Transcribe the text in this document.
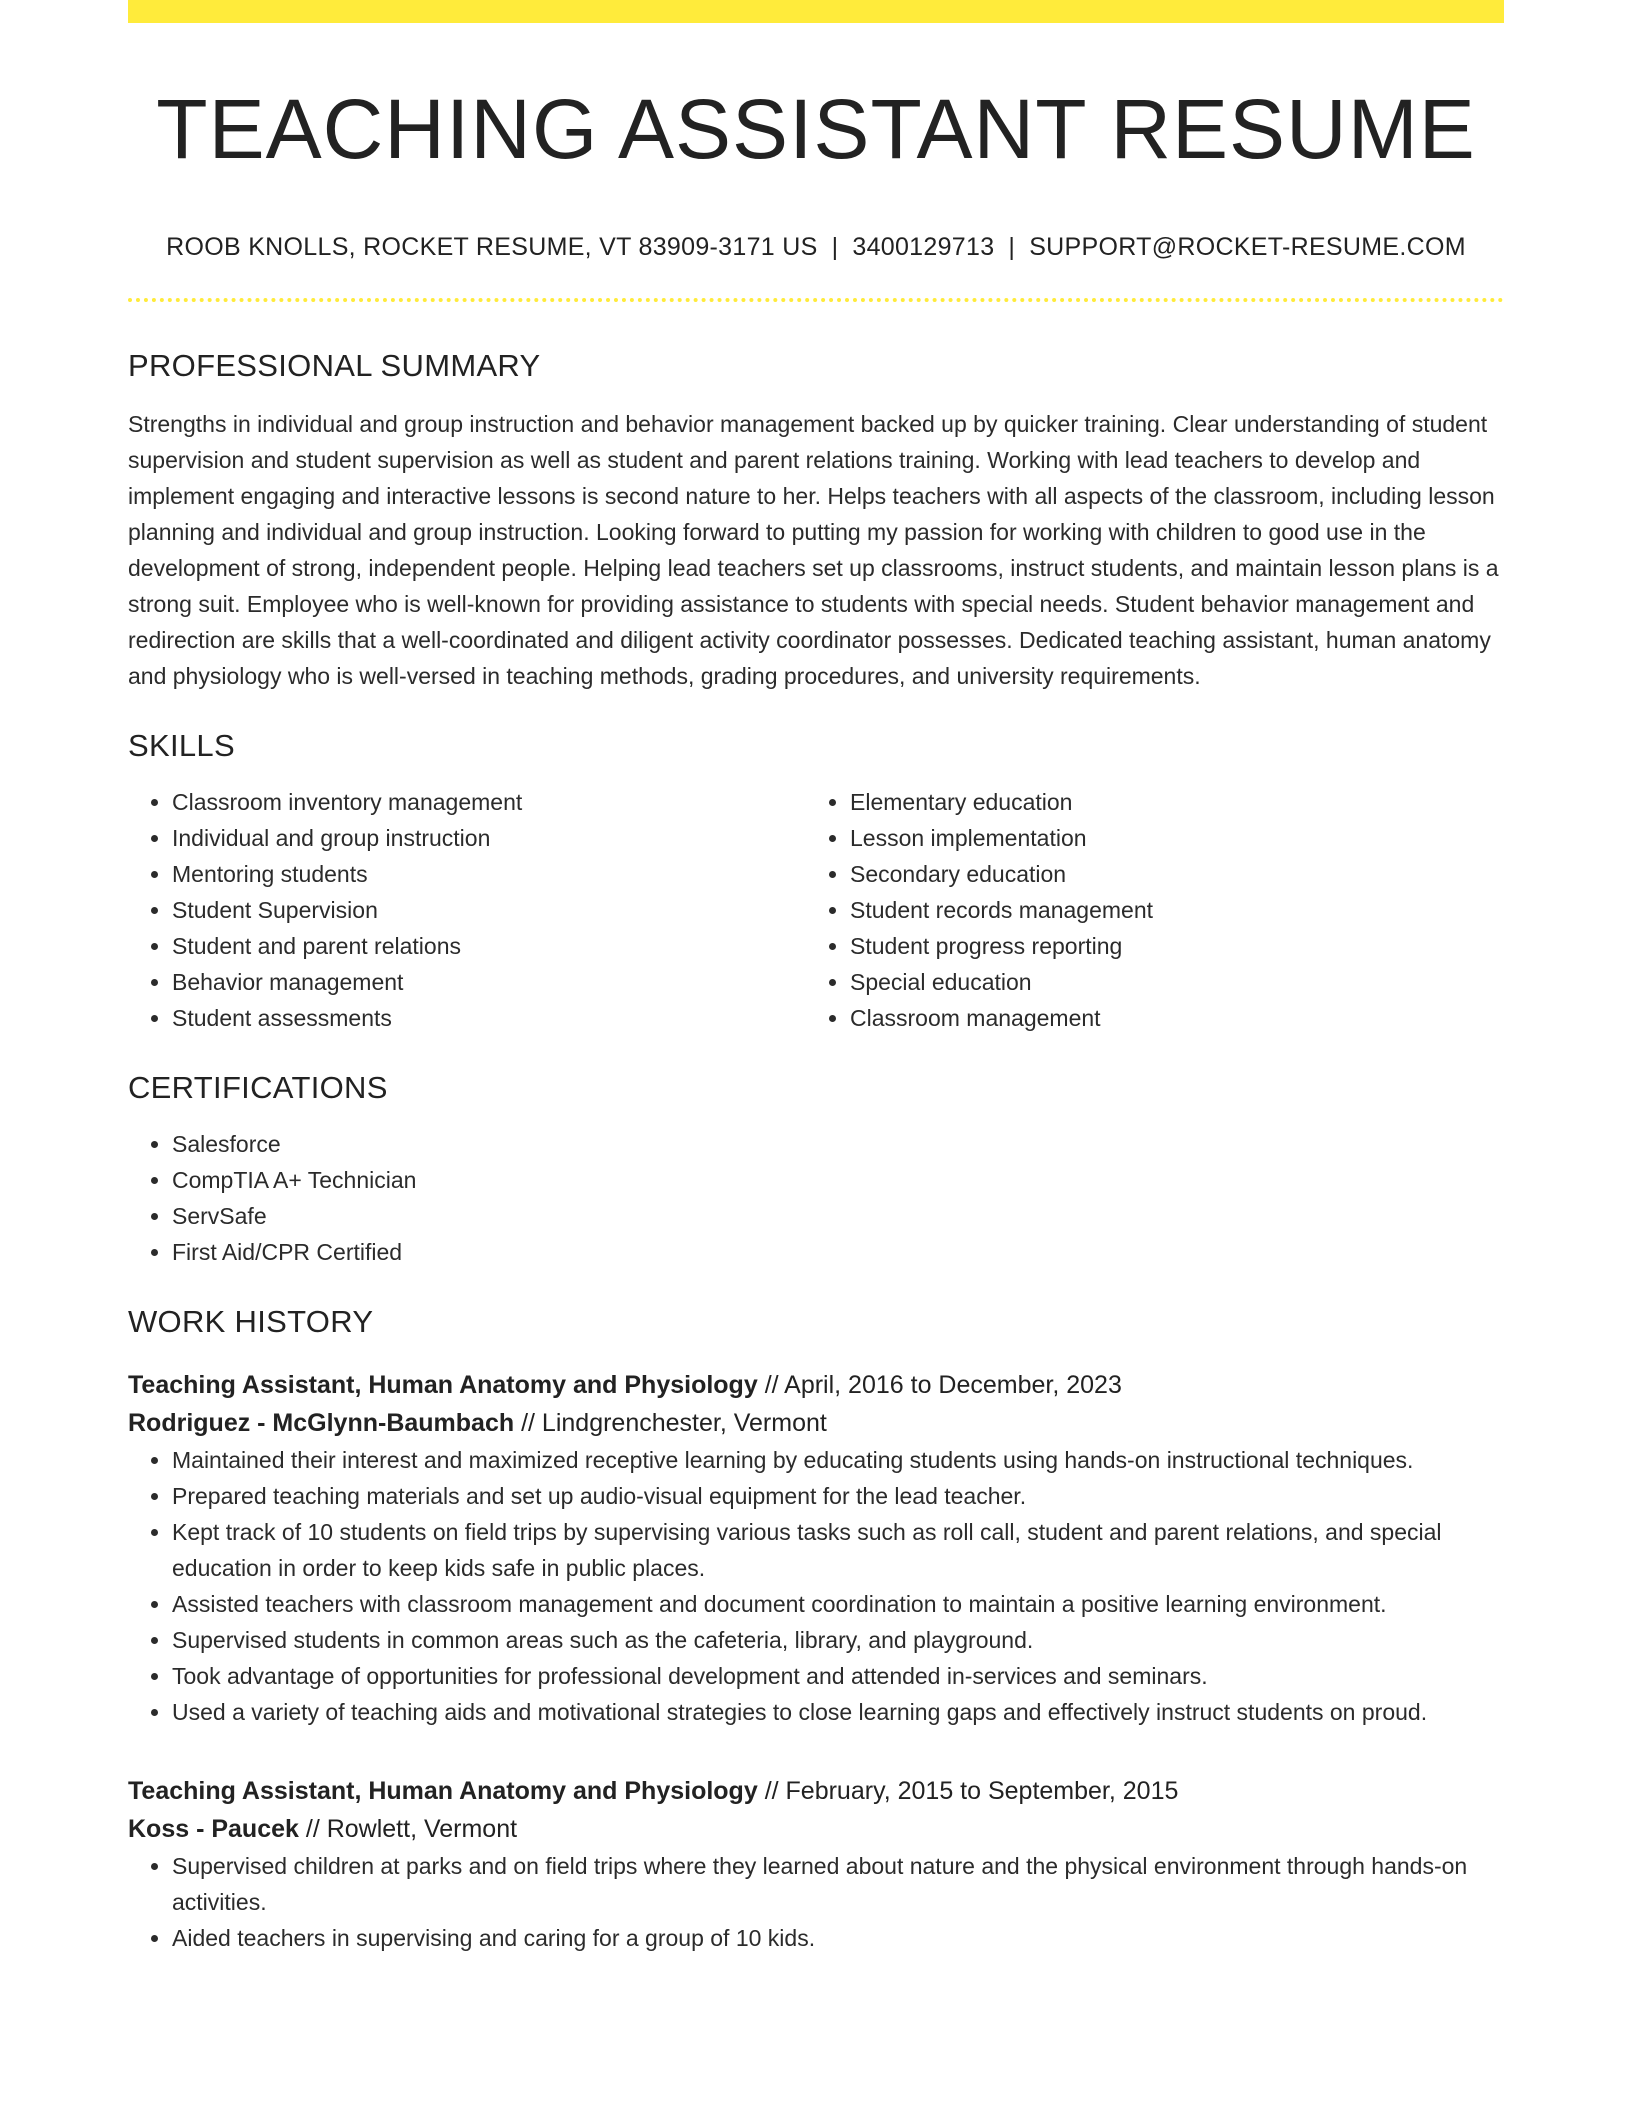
TEACHING ASSISTANT RESUME
ROOB KNOLLS, ROCKET RESUME, VT 83909-3171 US | 3400129713 | SUPPORT@ROCKET-RESUME.COM
PROFESSIONAL SUMMARY
Strengths in individual and group instruction and behavior management backed up by quicker training. Clear understanding of student supervision and student supervision as well as student and parent relations training. Working with lead teachers to develop and implement engaging and interactive lessons is second nature to her. Helps teachers with all aspects of the classroom, including lesson planning and individual and group instruction. Looking forward to putting my passion for working with children to good use in the development of strong, independent people. Helping lead teachers set up classrooms, instruct students, and maintain lesson plans is a strong suit. Employee who is well-known for providing assistance to students with special needs. Student behavior management and redirection are skills that a well-coordinated and diligent activity coordinator possesses. Dedicated teaching assistant, human anatomy and physiology who is well-versed in teaching methods, grading procedures, and university requirements.
SKILLS
• Classroom inventory management
• Individual and group instruction
• Mentoring students
• Student Supervision
• Student and parent relations
• Behavior management
• Student assessments
• Elementary education
• Lesson implementation
• Secondary education
• Student records management
• Student progress reporting
• Special education
• Classroom management
CERTIFICATIONS
• Salesforce
• CompTIA A+ Technician
• ServSafe
• First Aid/CPR Certified
WORK HISTORY
Teaching Assistant, Human Anatomy and Physiology // April, 2016 to December, 2023
Rodriguez - McGlynn-Baumbach // Lindgrenchester, Vermont
• Maintained their interest and maximized receptive learning by educating students using hands-on instructional techniques.
• Prepared teaching materials and set up audio-visual equipment for the lead teacher.
• Kept track of 10 students on field trips by supervising various tasks such as roll call, student and parent relations, and special education in order to keep kids safe in public places.
• Assisted teachers with classroom management and document coordination to maintain a positive learning environment.
• Supervised students in common areas such as the cafeteria, library, and playground.
• Took advantage of opportunities for professional development and attended in-services and seminars.
• Used a variety of teaching aids and motivational strategies to close learning gaps and effectively instruct students on proud.
Teaching Assistant, Human Anatomy and Physiology // February, 2015 to September, 2015
Koss - Paucek // Rowlett, Vermont
• Supervised children at parks and on field trips where they learned about nature and the physical environment through hands-on activities.
• Aided teachers in supervising and caring for a group of 10 kids.
